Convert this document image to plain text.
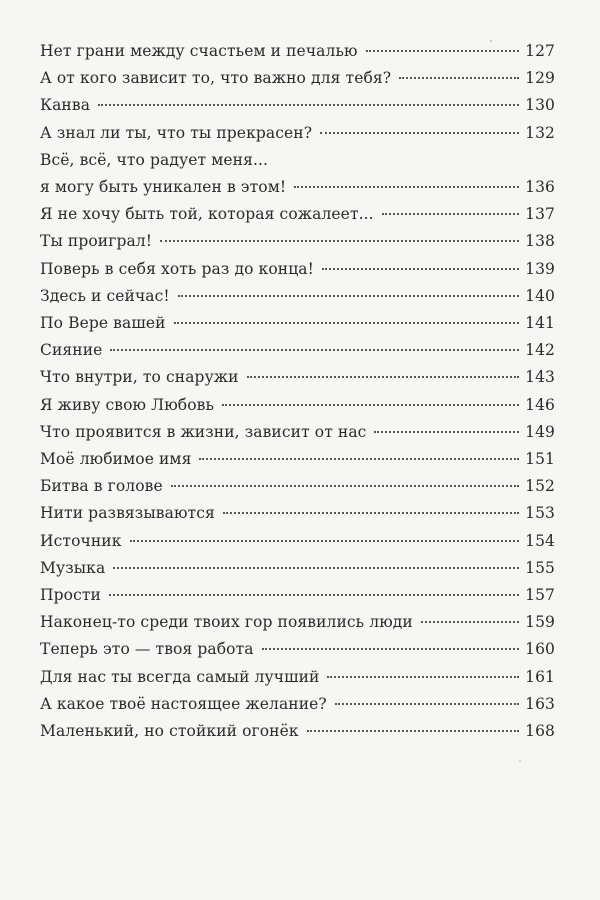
Нет грани между счастьем и печалью	127
А от кого зависит то, что важно для тебя?	129
Канва	130
А знал ли ты, что ты прекрасен?	132
Всё, всё, что радует меня...
я могу быть уникален в этом!	136
Я не хочу быть той, которая сожалеет...	137
Ты проиграл!	138
Поверь в себя хоть раз до конца!	139
Здесь и сейчас!	140
По Вере вашей	141
Сияние	142
Что внутри, то снаружи	143
Я живу свою Любовь	146
Что проявится в жизни, зависит от нас	149
Моё любимое имя	151
Битва в голове	152
Нити развязываются	153
Источник	154
Музыка	155
Прости	157
Наконец-то среди твоих гор появились люди	159
Теперь это — твоя работа	160
Для нас ты всегда самый лучший	161
А какое твоё настоящее желание?	163
Маленький, но стойкий огонёк	168
